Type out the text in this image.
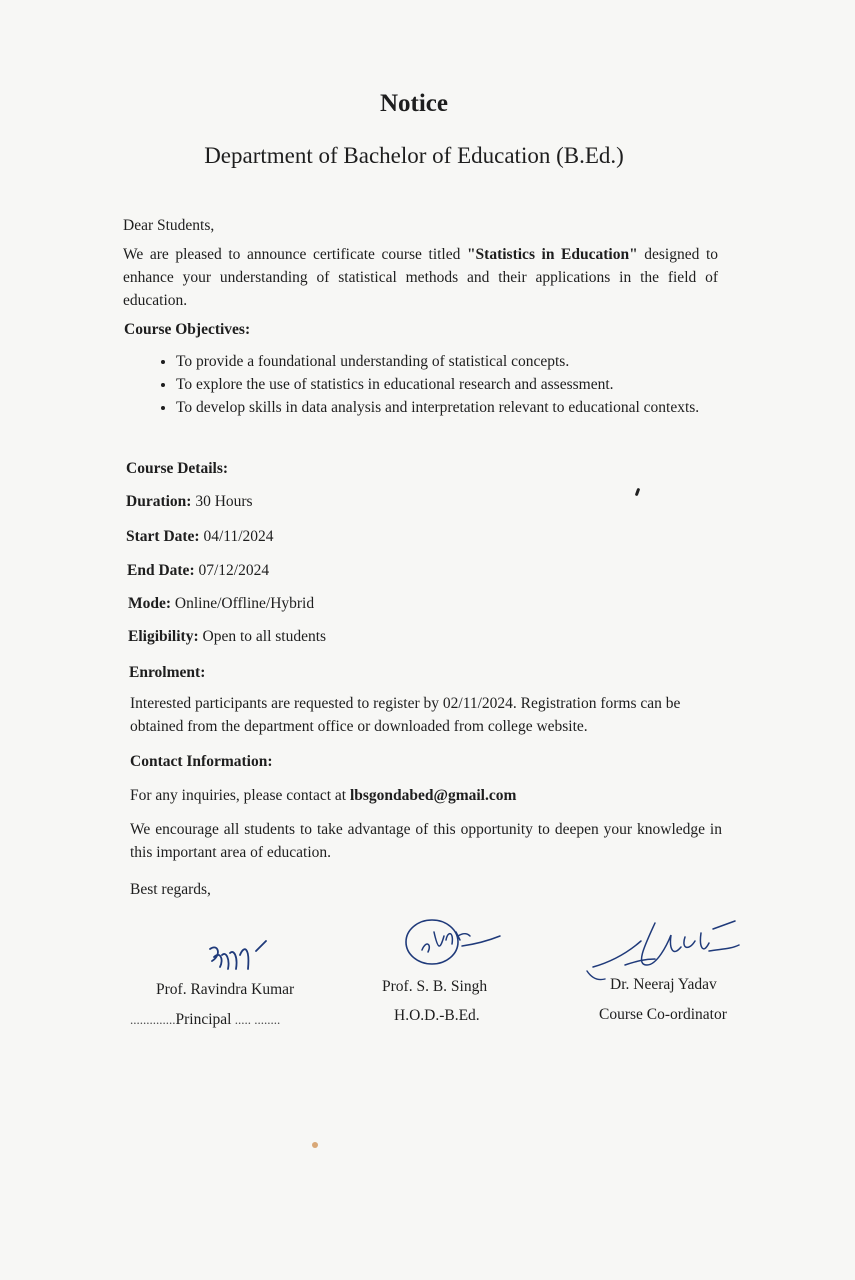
Notice
Department of Bachelor of Education (B.Ed.)
Dear Students,
We are pleased to announce certificate course titled "Statistics in Education" designed to enhance your understanding of statistical methods and their applications in the field of education.
Course Objectives:
• To provide a foundational understanding of statistical concepts.
• To explore the use of statistics in educational research and assessment.
• To develop skills in data analysis and interpretation relevant to educational contexts.
Course Details:
Duration: 30 Hours
Start Date: 04/11/2024
End Date: 07/12/2024
Mode: Online/Offline/Hybrid
Eligibility: Open to all students
Enrolment:
Interested participants are requested to register by 02/11/2024. Registration forms can be obtained from the department office or downloaded from college website.
Contact Information:
For any inquiries, please contact at lbsgondabed@gmail.com
We encourage all students to take advantage of this opportunity to deepen your knowledge in this important area of education.
Best regards,
Prof. Ravindra Kumar
..............Principal ..... ........
Prof. S. B. Singh
H.O.D.-B.Ed.
Dr. Neeraj Yadav
Course Co-ordinator
